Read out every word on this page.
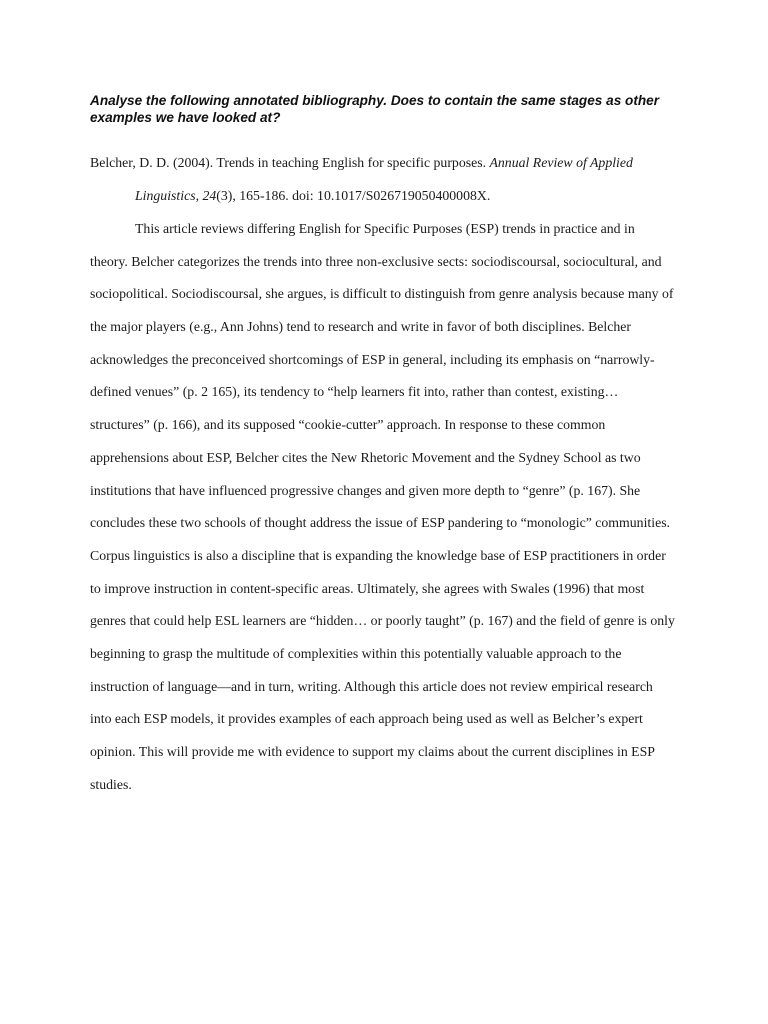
Analyse the following annotated bibliography. Does to contain the same stages as other
examples we have looked at?
Belcher, D. D. (2004). Trends in teaching English for specific purposes. Annual Review of Applied
Linguistics, 24(3), 165-186. doi: 10.1017/S026719050400008X.
This article reviews differing English for Specific Purposes (ESP) trends in practice and in
theory. Belcher categorizes the trends into three non-exclusive sects: sociodiscoursal, sociocultural, and
sociopolitical. Sociodiscoursal, she argues, is difficult to distinguish from genre analysis because many of
the major players (e.g., Ann Johns) tend to research and write in favor of both disciplines. Belcher
acknowledges the preconceived shortcomings of ESP in general, including its emphasis on “narrowly-
defined venues” (p. 2 165), its tendency to “help learners fit into, rather than contest, existing…
structures” (p. 166), and its supposed “cookie-cutter” approach. In response to these common
apprehensions about ESP, Belcher cites the New Rhetoric Movement and the Sydney School as two
institutions that have influenced progressive changes and given more depth to “genre” (p. 167). She
concludes these two schools of thought address the issue of ESP pandering to “monologic” communities.
Corpus linguistics is also a discipline that is expanding the knowledge base of ESP practitioners in order
to improve instruction in content-specific areas. Ultimately, she agrees with Swales (1996) that most
genres that could help ESL learners are “hidden… or poorly taught” (p. 167) and the field of genre is only
beginning to grasp the multitude of complexities within this potentially valuable approach to the
instruction of language—and in turn, writing. Although this article does not review empirical research
into each ESP models, it provides examples of each approach being used as well as Belcher’s expert
opinion. This will provide me with evidence to support my claims about the current disciplines in ESP
studies.
